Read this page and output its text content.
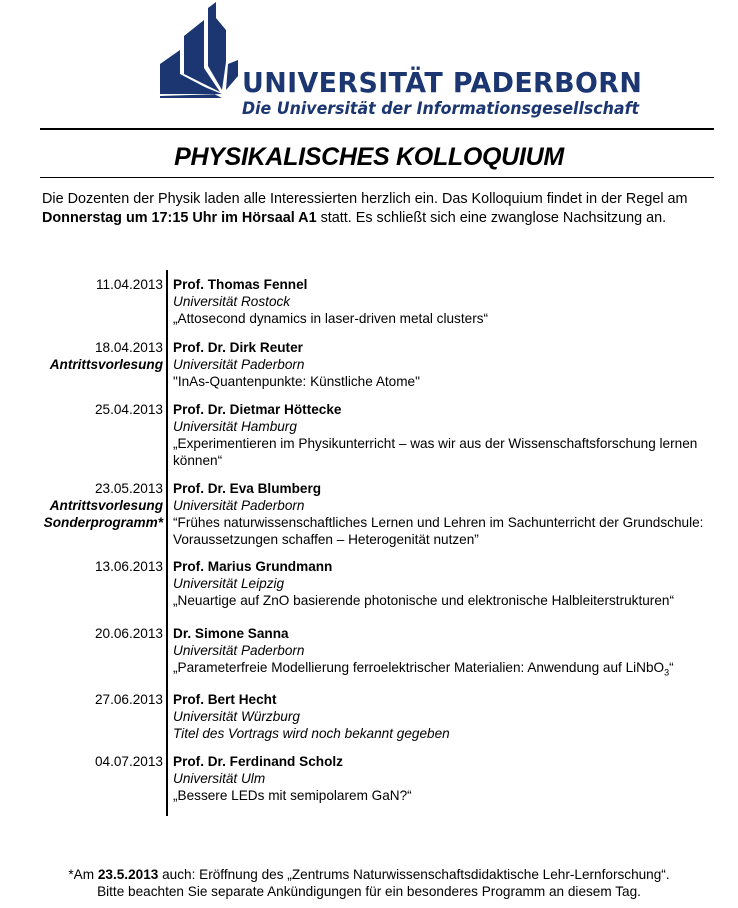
UNIVERSITÄT PADERBORN
Die Universität der Informationsgesellschaft
PHYSIKALISCHES KOLLOQUIUM
Die Dozenten der Physik laden alle Interessierten herzlich ein. Das Kolloquium findet in der Regel am Donnerstag um 17:15 Uhr im Hörsaal A1 statt. Es schließt sich eine zwanglose Nachsitzung an.
11.04.2013 Prof. Thomas Fennel
Universität Rostock
„Attosecond dynamics in laser-driven metal clusters“
18.04.2013
Antrittsvorlesung
Prof. Dr. Dirk Reuter
Universität Paderborn
"InAs-Quantenpunkte: Künstliche Atome"
25.04.2013 Prof. Dr. Dietmar Höttecke
Universität Hamburg
„Experimentieren im Physikunterricht – was wir aus der Wissenschaftsforschung lernen können“
23.05.2013
Antrittsvorlesung
Sonderprogramm*
Prof. Dr. Eva Blumberg
Universität Paderborn
“Frühes naturwissenschaftliches Lernen und Lehren im Sachunterricht der Grundschule: Voraussetzungen schaffen – Heterogenität nutzen”
13.06.2013 Prof. Marius Grundmann
Universität Leipzig
„Neuartige auf ZnO basierende photonische und elektronische Halbleiterstrukturen“
20.06.2013 Dr. Simone Sanna
Universität Paderborn
„Parameterfreie Modellierung ferroelektrischer Materialien: Anwendung auf LiNbO$_3$“
27.06.2013 Prof. Bert Hecht
Universität Würzburg
Titel des Vortrags wird noch bekannt gegeben
04.07.2013 Prof. Dr. Ferdinand Scholz
Universität Ulm
„Bessere LEDs mit semipolarem GaN?“
*Am 23.5.2013 auch: Eröffnung des „Zentrums Naturwissenschaftsdidaktische Lehr-Lernforschung“.
Bitte beachten Sie separate Ankündigungen für ein besonderes Programm an diesem Tag.
